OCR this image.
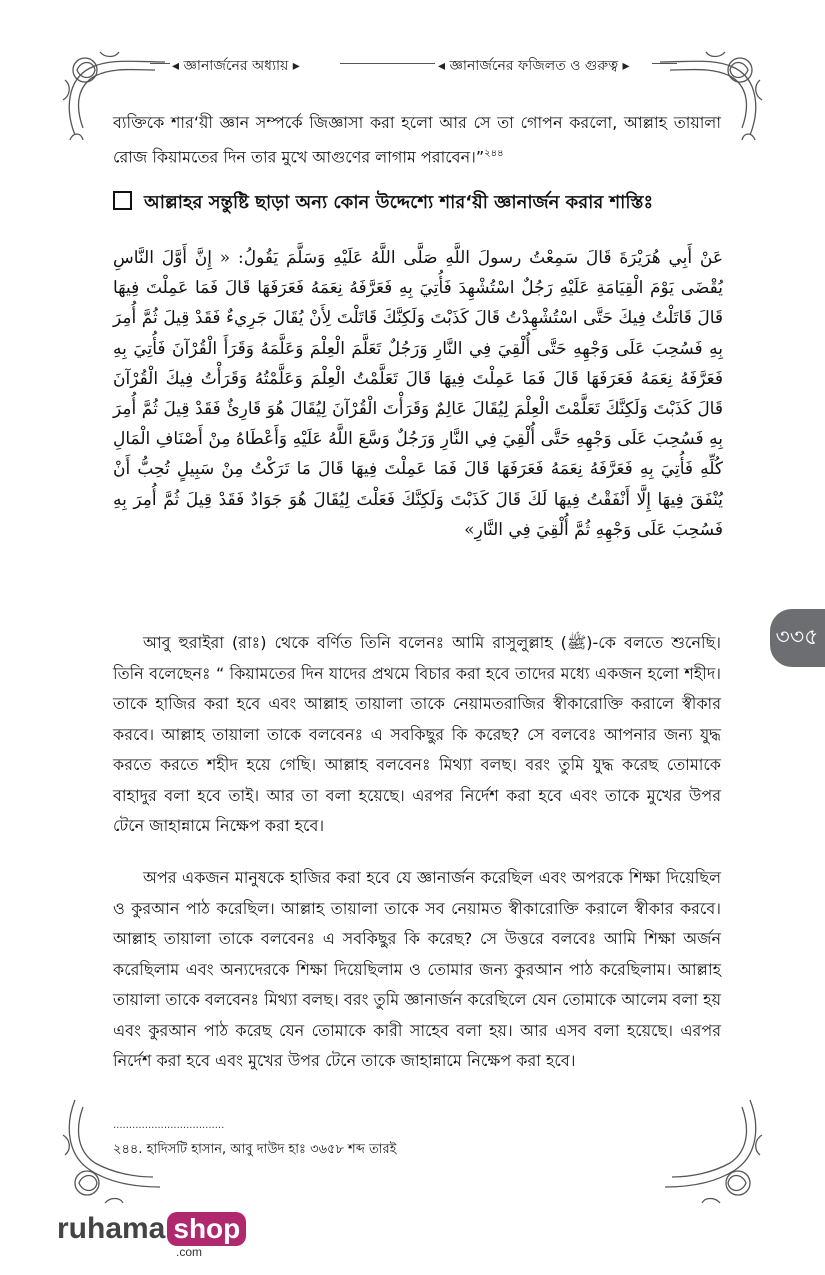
◂ জ্ঞানার্জনের অধ্যায় ▸	◂ জ্ঞানার্জনের ফজিলত ও গুরুত্ব ▸
ব্যক্তিকে শার‘য়ী জ্ঞান সম্পর্কে জিজ্ঞাসা করা হলো আর সে তা গোপন করলো, আল্লাহ তায়ালা রোজ কিয়ামতের দিন তার মুখে আগুণের লাগাম পরাবেন।”$^{২৪৪}$
আল্লাহর সন্তুষ্টি ছাড়া অন্য কোন উদ্দেশ্যে শার‘য়ী জ্ঞানার্জন করার শাস্তিঃ
عَنْ أَبِي هُرَيْرَةَ قَالَ سَمِعْتُ رسولَ اللَّهِ صَلَّى اللَّهُ عَلَيْهِ وَسَلَّمَ يَقُولُ: « إِنَّ أَوَّلَ النَّاسِ يُقْضَى يَوْمَ الْقِيَامَةِ عَلَيْهِ رَجُلٌ اسْتُشْهِدَ فَأُتِيَ بِهِ فَعَرَّفَهُ نِعَمَهُ فَعَرَفَهَا قَالَ فَمَا عَمِلْتَ فِيهَا قَالَ قَاتَلْتُ فِيكَ حَتَّى اسْتُشْهِدْتُ قَالَ كَذَبْتَ وَلَكِنَّكَ قَاتَلْتَ لِأَنْ يُقَالَ جَرِيءٌ فَقَدْ قِيلَ ثُمَّ أُمِرَ بِهِ فَسُحِبَ عَلَى وَجْهِهِ حَتَّى أُلْقِيَ فِي النَّارِ وَرَجُلٌ تَعَلَّمَ الْعِلْمَ وَعَلَّمَهُ وَقَرَأَ الْقُرْآنَ فَأُتِيَ بِهِ فَعَرَّفَهُ نِعَمَهُ فَعَرَفَهَا قَالَ فَمَا عَمِلْتَ فِيهَا قَالَ تَعَلَّمْتُ الْعِلْمَ وَعَلَّمْتُهُ وَقَرَأْتُ فِيكَ الْقُرْآنَ قَالَ كَذَبْتَ وَلَكِنَّكَ تَعَلَّمْتَ الْعِلْمَ لِيُقَالَ عَالِمٌ وَقَرَأْتَ الْقُرْآنَ لِيُقَالَ هُوَ قَارِئٌ فَقَدْ قِيلَ ثُمَّ أُمِرَ بِهِ فَسُحِبَ عَلَى وَجْهِهِ حَتَّى أُلْقِيَ فِي النَّارِ وَرَجُلٌ وَسَّعَ اللَّهُ عَلَيْهِ وَأَعْطَاهُ مِنْ أَصْنَافِ الْمَالِ كُلِّهِ فَأُتِيَ بِهِ فَعَرَّفَهُ نِعَمَهُ فَعَرَفَهَا قَالَ فَمَا عَمِلْتَ فِيهَا قَالَ مَا تَرَكْتُ مِنْ سَبِيلٍ تُحِبُّ أَنْ يُنْفَقَ فِيهَا إِلَّا أَنْفَقْتُ فِيهَا لَكَ قَالَ كَذَبْتَ وَلَكِنَّكَ فَعَلْتَ لِيُقَالَ هُوَ جَوَادٌ فَقَدْ قِيلَ ثُمَّ أُمِرَ بِهِ فَسُحِبَ عَلَى وَجْهِهِ ثُمَّ أُلْقِيَ فِي النَّارِ»
আবু হুরাইরা (রাঃ) থেকে বর্ণিত তিনি বলেনঃ আমি রাসুলুল্লাহ (ﷺ)-কে বলতে শুনেছি। তিনি বলেছেনঃ “ কিয়ামতের দিন যাদের প্রথমে বিচার করা হবে তাদের মধ্যে একজন হলো শহীদ। তাকে হাজির করা হবে এবং আল্লাহ তায়ালা তাকে নেয়ামতরাজির স্বীকারোক্তি করালে স্বীকার করবে। আল্লাহ তায়ালা তাকে বলবেনঃ এ সবকিছুর কি করেছ? সে বলবেঃ আপনার জন্য যুদ্ধ করতে করতে শহীদ হয়ে গেছি। আল্লাহ বলবেনঃ মিথ্যা বলছ। বরং তুমি যুদ্ধ করেছ তোমাকে বাহাদুর বলা হবে তাই। আর তা বলা হয়েছে। এরপর নির্দেশ করা হবে এবং তাকে মুখের উপর টেনে জাহান্নামে নিক্ষেপ করা হবে।
অপর একজন মানুষকে হাজির করা হবে যে জ্ঞানার্জন করেছিল এবং অপরকে শিক্ষা দিয়েছিল ও কুরআন পাঠ করেছিল। আল্লাহ তায়ালা তাকে সব নেয়ামত স্বীকারোক্তি করালে স্বীকার করবে। আল্লাহ তায়ালা তাকে বলবেনঃ এ সবকিছুর কি করেছ? সে উত্তরে বলবেঃ আমি শিক্ষা অর্জন করেছিলাম এবং অন্যদেরকে শিক্ষা দিয়েছিলাম ও তোমার জন্য কুরআন পাঠ করেছিলাম। আল্লাহ তায়ালা তাকে বলবেনঃ মিথ্যা বলছ। বরং তুমি জ্ঞানার্জন করেছিলে যেন তোমাকে আলেম বলা হয় এবং কুরআন পাঠ করেছ যেন তোমাকে কারী সাহেব বলা হয়। আর এসব বলা হয়েছে। এরপর নির্দেশ করা হবে এবং মুখের উপর টেনে তাকে জাহান্নামে নিক্ষেপ করা হবে।
...................................
২৪৪. হাদিসটি হাসান, আবু দাউদ হাঃ ৩৬৫৮ শব্দ তারই
৩৩৫
ruhama shop
.com
